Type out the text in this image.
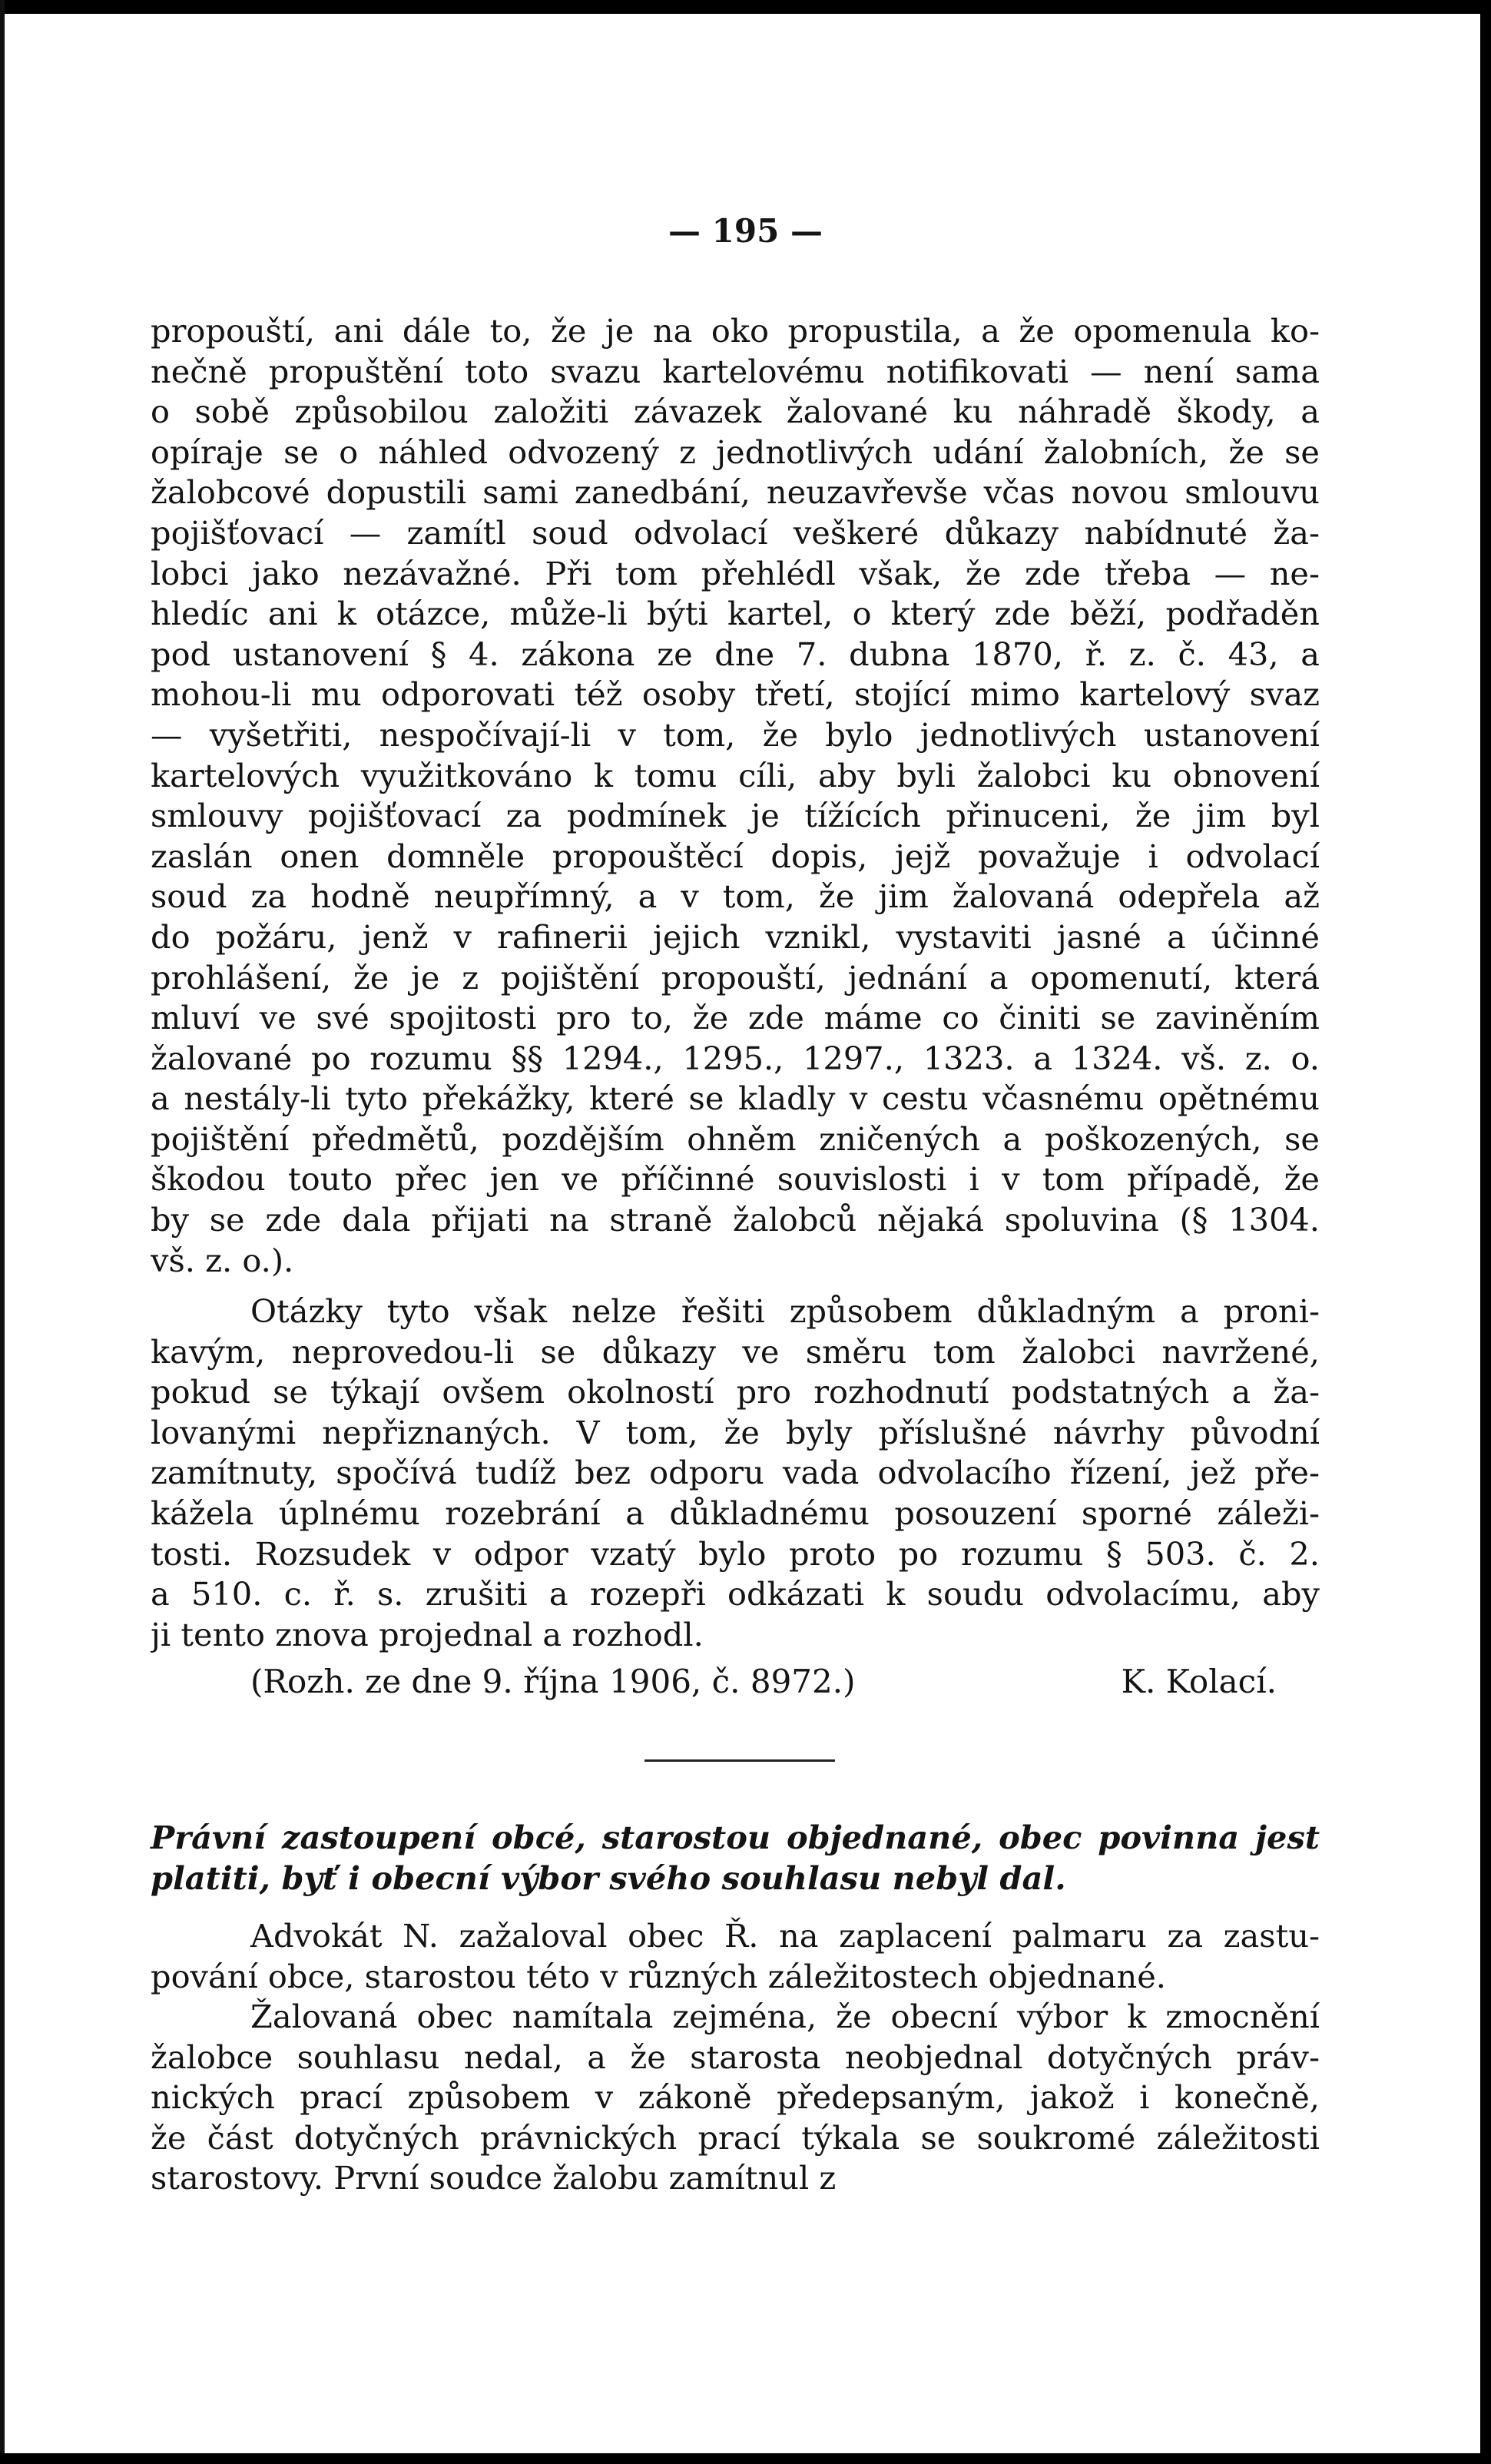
— 195 —
propouští, ani dále to, že je na oko propustila, a že opomenula ko-
nečně propuštění toto svazu kartelovému notifikovati — není sama
o sobě způsobilou založiti závazek žalované ku náhradě škody, a
opíraje se o náhled odvozený z jednotlivých udání žalobních, že se
žalobcové dopustili sami zanedbání, neuzavřevše včas novou smlouvu
pojišťovací — zamítl soud odvolací veškeré důkazy nabídnuté ža-
lobci jako nezávažné. Při tom přehlédl však, že zde třeba — ne-
hledíc ani k otázce, může-li býti kartel, o který zde běží, podřaděn
pod ustanovení § 4. zákona ze dne 7. dubna 1870, ř. z. č. 43, a
mohou-li mu odporovati též osoby třetí, stojící mimo kartelový svaz
— vyšetřiti, nespočívají-li v tom, že bylo jednotlivých ustanovení
kartelových využitkováno k tomu cíli, aby byli žalobci ku obnovení
smlouvy pojišťovací za podmínek je tížících přinuceni, že jim byl
zaslán onen domněle propouštěcí dopis, jejž považuje i odvolací
soud za hodně neupřímný, a v tom, že jim žalovaná odepřela až
do požáru, jenž v rafinerii jejich vznikl, vystaviti jasné a účinné
prohlášení, že je z pojištění propouští, jednání a opomenutí, která
mluví ve své spojitosti pro to, že zde máme co činiti se zaviněním
žalované po rozumu §§ 1294., 1295., 1297., 1323. a 1324. vš. z. o.
a nestály-li tyto překážky, které se kladly v cestu včasnému opětnému
pojištění předmětů, pozdějším ohněm zničených a poškozených, se
škodou touto přec jen ve příčinné souvislosti i v tom případě, že
by se zde dala přijati na straně žalobců nějaká spoluvina (§ 1304.
vš. z. o.).
Otázky tyto však nelze řešiti způsobem důkladným a proni-
kavým, neprovedou-li se důkazy ve směru tom žalobci navržené,
pokud se týkají ovšem okolností pro rozhodnutí podstatných a ža-
lovanými nepřiznaných. V tom, že byly příslušné návrhy původní
zamítnuty, spočívá tudíž bez odporu vada odvolacího řízení, jež pře-
kážela úplnému rozebrání a důkladnému posouzení sporné záleži-
tosti. Rozsudek v odpor vzatý bylo proto po rozumu § 503. č. 2.
a 510. c. ř. s. zrušiti a rozepři odkázati k soudu odvolacímu, aby
ji tento znova projednal a rozhodl.
(Rozh. ze dne 9. října 1906, č. 8972.)	K. Kolací.
Právní zastoupení obcé, starostou objednané, obec povinna jest
platiti, byť i obecní výbor svého souhlasu nebyl dal.
Advokát N. zažaloval obec Ř. na zaplacení palmaru za zastu-
pování obce, starostou této v různých záležitostech objednané.
Žalovaná obec namítala zejména, že obecní výbor k zmocnění
žalobce souhlasu nedal, a že starosta neobjednal dotyčných práv-
nických prací způsobem v zákoně předepsaným, jakož i konečně,
že část dotyčných právnických prací týkala se soukromé záležitosti
starostovy. První soudce žalobu zamítnul z
